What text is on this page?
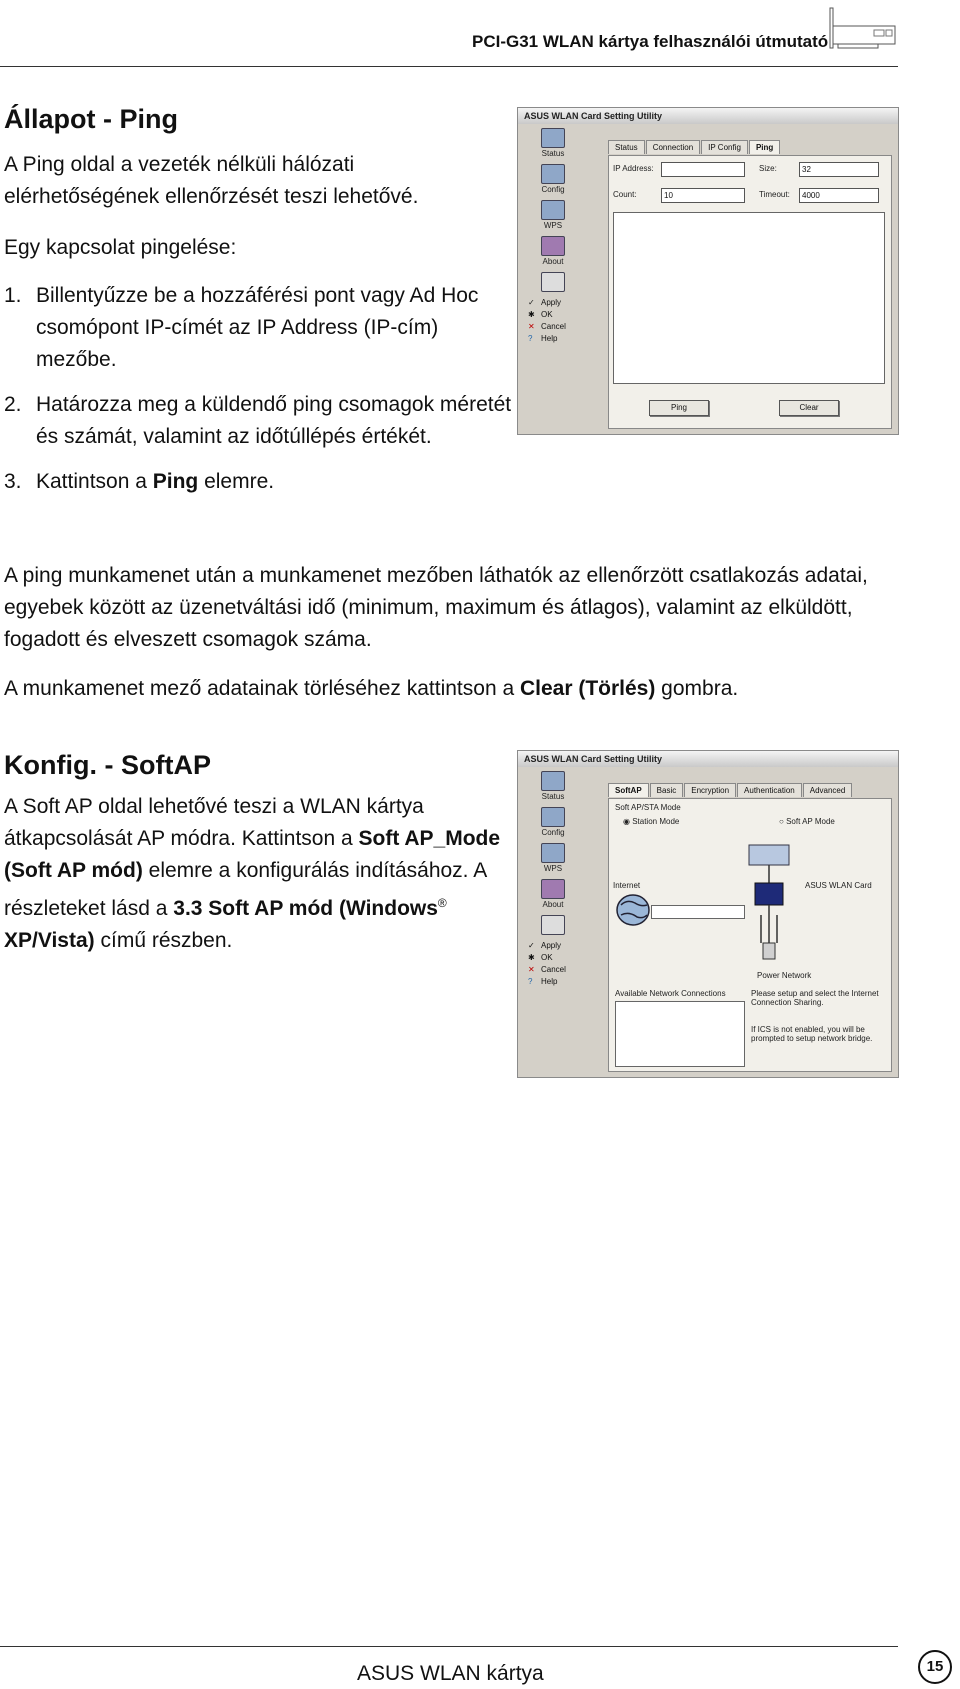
PCI-G31 WLAN kártya felhasználói útmutató
Állapot - Ping
A Ping oldal a vezeték nélküli hálózati elérhetőségének ellenőrzését teszi lehetővé.
Egy kapcsolat pingelése:
1. Billentyűzze be a hozzáférési pont vagy Ad Hoc csomópont IP-címét az IP Address (IP-cím) mezőbe.
2. Határozza meg a küldendő ping csomagok méretét és számát, valamint az időtúllépés értékét.
3. Kattintson a Ping elemre.
A ping munkamenet után a munkamenet mezőben láthatók az ellenőrzött csatlakozás adatai, egyebek között az üzenetváltási idő (minimum, maximum és átlagos), valamint az elküldött, fogadott és elveszett csomagok száma.
A munkamenet mező adatainak törléséhez kattintson a Clear (Törlés) gombra.
ASUS WLAN Card Setting Utility
Status
Config
WPS
About
✓ Apply
✱ OK
✕ Cancel
?	Help
Status	Connection	IP Config	Ping
IP Address:	Size:	32
Count:	10	Timeout:	4000
Ping	Clear
Konfig. - SoftAP
A Soft AP oldal lehetővé teszi a WLAN kártya átkapcsolását AP módra. Kattintson a Soft AP_Mode (Soft AP mód) elemre a konfigurálás indításához. A részleteket lásd a 3.3 Soft AP mód (Windows® XP/Vista) című részben.
ASUS WLAN Card Setting Utility
Status
Config
WPS
About
✓ Apply
✱ OK
✕ Cancel
?	Help
SoftAP	Basic	Encryption	Authentication	Advanced
Soft AP/STA Mode
◉ Station Mode	○ Soft AP Mode
Internet	ASUS WLAN Card
Power Network
Available Network Connections	Please setup and select the Internet Connection Sharing.
If ICS is not enabled, you will be prompted to setup network bridge.
ASUS WLAN kártya	15
